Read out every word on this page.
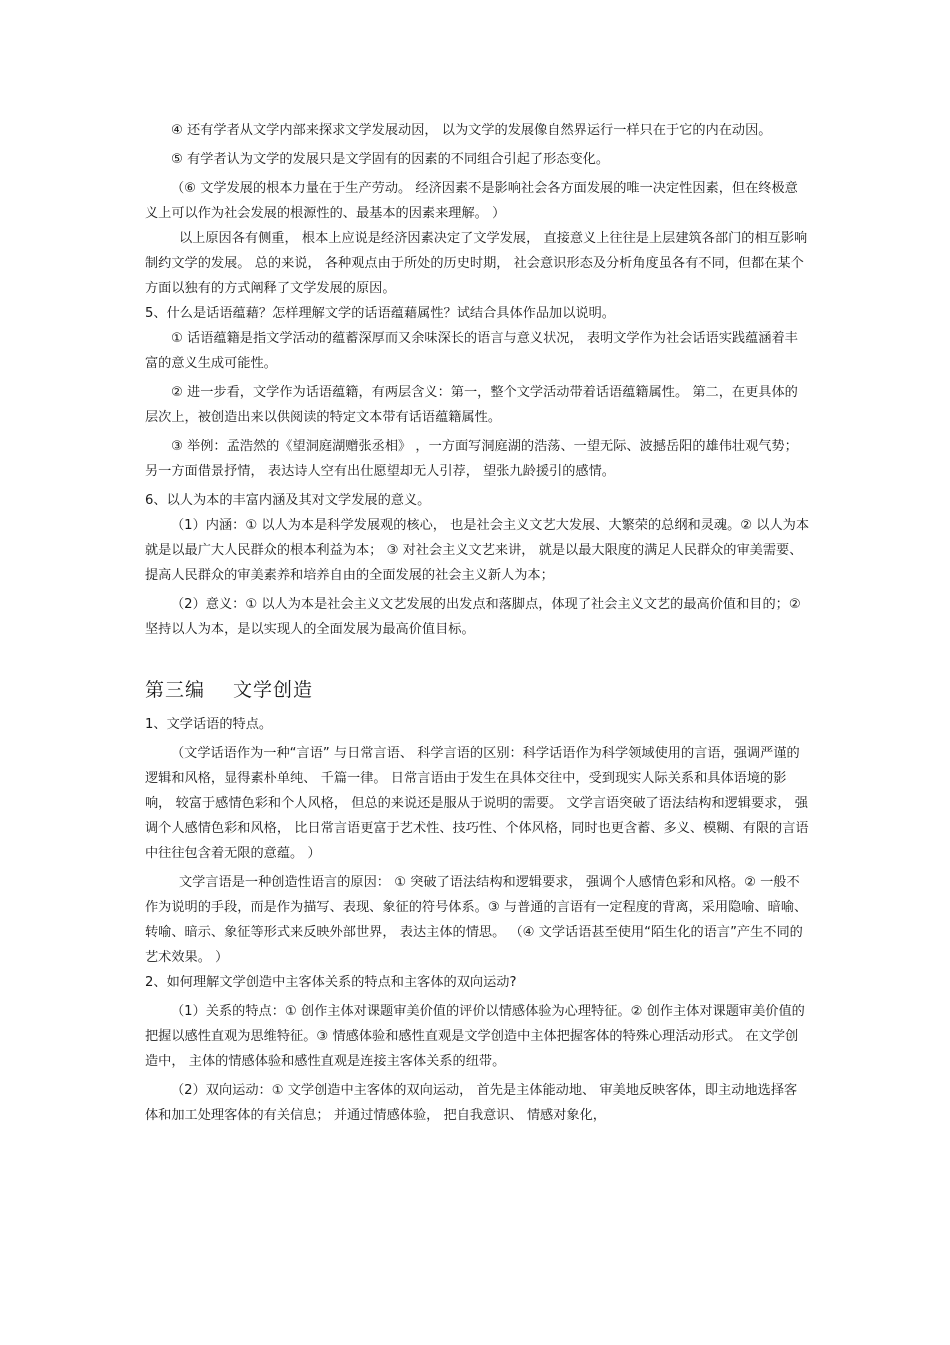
④ 还有学者从文学内部来探求文学发展动因， 以为文学的发展像自然界运行一样只在于它的内在动因。

⑤ 有学者认为文学的发展只是文学固有的因素的不同组合引起了形态变化。

（⑥ 文学发展的根本力量在于生产劳动。 经济因素不是影响社会各方面发展的唯一决定性因素，但在终极意义上可以作为社会发展的根源性的、最基本的因素来理解。 ）

以上原因各有侧重， 根本上应说是经济因素决定了文学发展， 直接意义上往往是上层建筑各部门的相互影响制约文学的发展。 总的来说， 各种观点由于所处的历史时期， 社会意识形态及分析角度虽各有不同，但都在某个方面以独有的方式阐释了文学发展的原因。

5、什么是话语蕴藉？怎样理解文学的话语蕴藉属性？试结合具体作品加以说明。

① 话语蕴籍是指文学活动的蕴蓄深厚而又余味深长的语言与意义状况， 表明文学作为社会话语实践蕴涵着丰富的意义生成可能性。

② 进一步看，文学作为话语蕴籍，有两层含义：第一，整个文学活动带着话语蕴籍属性。 第二，在更具体的层次上，被创造出来以供阅读的特定文本带有话语蕴籍属性。

③ 举例：孟浩然的《望洞庭湖赠张丞相》 ，一方面写洞庭湖的浩荡、一望无际、波撼岳阳的雄伟壮观气势； 另一方面借景抒情， 表达诗人空有出仕愿望却无人引荐， 望张九龄援引的感情。

6、以人为本的丰富内涵及其对文学发展的意义。

（1）内涵：① 以人为本是科学发展观的核心， 也是社会主义文艺大发展、大繁荣的总纲和灵魂。② 以人为本就是以最广大人民群众的根本利益为本； ③ 对社会主义文艺来讲， 就是以最大限度的满足人民群众的审美需要、 提高人民群众的审美素养和培养自由的全面发展的社会主义新人为本；

（2）意义：① 以人为本是社会主义文艺发展的出发点和落脚点，体现了社会主义文艺的最高价值和目的；② 坚持以人为本，是以实现人的全面发展为最高价值目标。

第三编 文学创造

1、文学话语的特点。

（文学话语作为一种“言语” 与日常言语、 科学言语的区别：科学话语作为科学领域使用的言语，强调严谨的逻辑和风格，显得素朴单纯、 千篇一律。 日常言语由于发生在具体交往中，受到现实人际关系和具体语境的影响， 较富于感情色彩和个人风格， 但总的来说还是服从于说明的需要。 文学言语突破了语法结构和逻辑要求， 强调个人感情色彩和风格， 比日常言语更富于艺术性、技巧性、个体风格，同时也更含蓄、多义、模糊、有限的言语中往往包含着无限的意蕴。 ）

文学言语是一种创造性语言的原因： ① 突破了语法结构和逻辑要求， 强调个人感情色彩和风格。② 一般不作为说明的手段，而是作为描写、表现、象征的符号体系。③ 与普通的言语有一定程度的背离，采用隐喻、暗喻、转喻、暗示、象征等形式来反映外部世界， 表达主体的情思。 （④ 文学话语甚至使用“陌生化的语言”产生不同的艺术效果。 ）

2、如何理解文学创造中主客体关系的特点和主客体的双向运动?

（1）关系的特点：① 创作主体对课题审美价值的评价以情感体验为心理特征。② 创作主体对课题审美价值的把握以感性直观为思维特征。③ 情感体验和感性直观是文学创造中主体把握客体的特殊心理活动形式。 在文学创造中， 主体的情感体验和感性直观是连接主客体关系的纽带。

（2）双向运动：① 文学创造中主客体的双向运动， 首先是主体能动地、 审美地反映客体，即主动地选择客体和加工处理客体的有关信息； 并通过情感体验， 把自我意识、 情感对象化，
